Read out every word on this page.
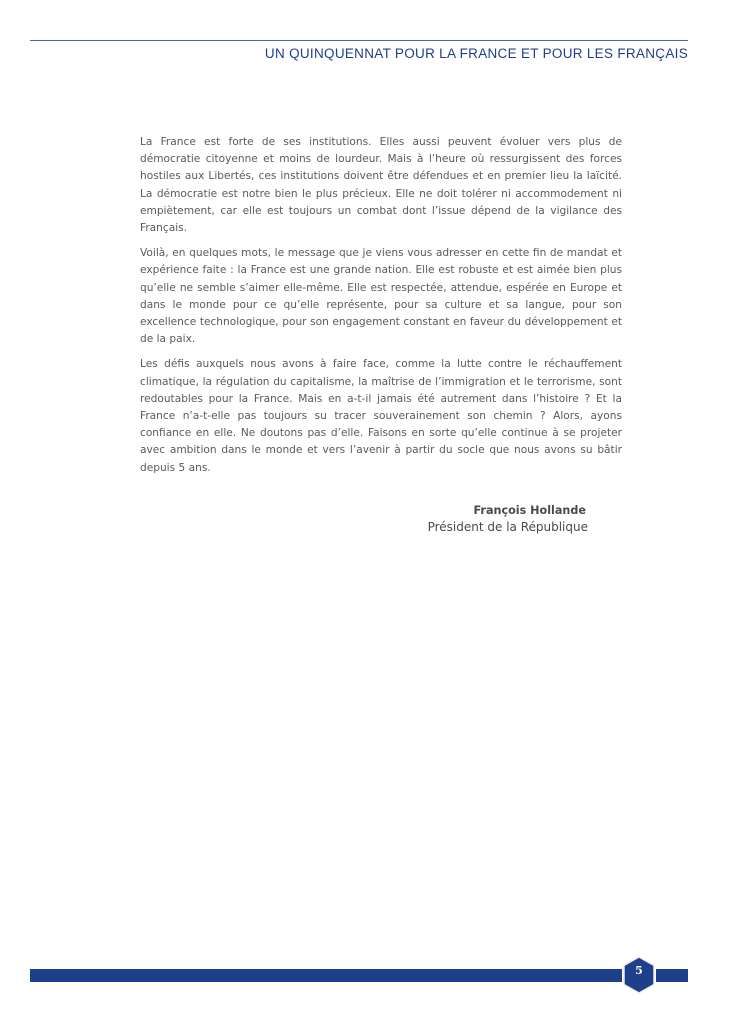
UN QUINQUENNAT POUR LA FRANCE ET POUR LES FRANÇAIS

La France est forte de ses institutions. Elles aussi peuvent évoluer vers plus de démocratie citoyenne et moins de lourdeur. Mais à l’heure où ressurgissent des forces hostiles aux Libertés, ces institutions doivent être défendues et en premier lieu la laïcité. La démocratie est notre bien le plus précieux. Elle ne doit tolérer ni accommodement ni empiètement, car elle est toujours un combat dont l’issue dépend de la vigilance des Français.

Voilà, en quelques mots, le message que je viens vous adresser en cette fin de mandat et expérience faite : la France est une grande nation. Elle est robuste et est aimée bien plus qu’elle ne semble s’aimer elle-même. Elle est respectée, attendue, espérée en Europe et dans le monde pour ce qu’elle représente, pour sa culture et sa langue, pour son excellence technologique, pour son engagement constant en faveur du développement et de la paix.

Les défis auxquels nous avons à faire face, comme la lutte contre le réchauffement climatique, la régulation du capitalisme, la maîtrise de l’immigration et le terrorisme, sont redoutables pour la France. Mais en a-t-il jamais été autrement dans l’histoire ? Et la France n’a-t-elle pas toujours su tracer souverainement son chemin ? Alors, ayons confiance en elle. Ne doutons pas d’elle. Faisons en sorte qu’elle continue à se projeter avec ambition dans le monde et vers l’avenir à partir du socle que nous avons su bâtir depuis 5 ans.

François Hollande
Président de la République
5
